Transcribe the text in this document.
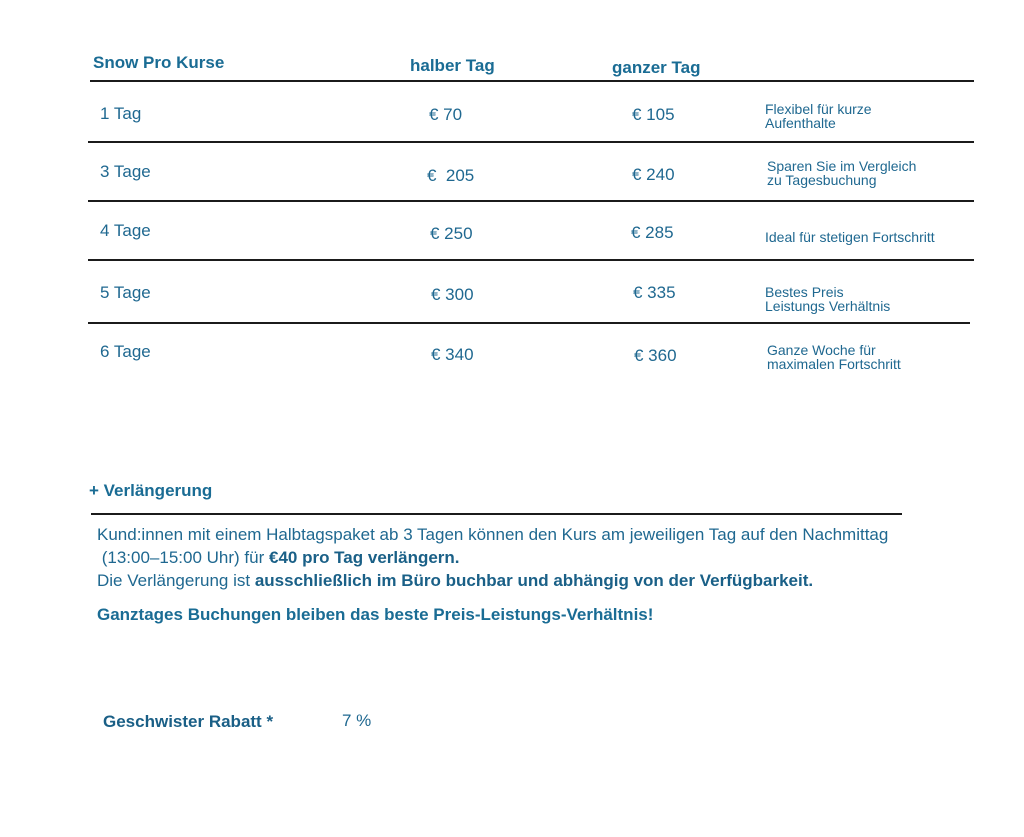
Snow Pro Kurse	halber Tag	ganzer Tag
1 Tag	€ 70	€ 105	Flexibel für kurze
Aufenthalte
3 Tage	€  205	€ 240	Sparen Sie im Vergleich
zu Tagesbuchung
4 Tage	€ 250	€ 285	Ideal für stetigen Fortschritt
5 Tage	€ 300	€ 335	Bestes Preis
Leistungs Verhältnis
6 Tage	€ 340	€ 360	Ganze Woche für
maximalen Fortschritt
+ Verlängerung
Kund:innen mit einem Halbtagspaket ab 3 Tagen können den Kurs am jeweiligen Tag auf den Nachmittag
(13:00–15:00 Uhr) für €40 pro Tag verlängern.
Die Verlängerung ist ausschließlich im Büro buchbar und abhängig von der Verfügbarkeit.
Ganztages Buchungen bleiben das beste Preis-Leistungs-Verhältnis!
Geschwister Rabatt *	7 %
